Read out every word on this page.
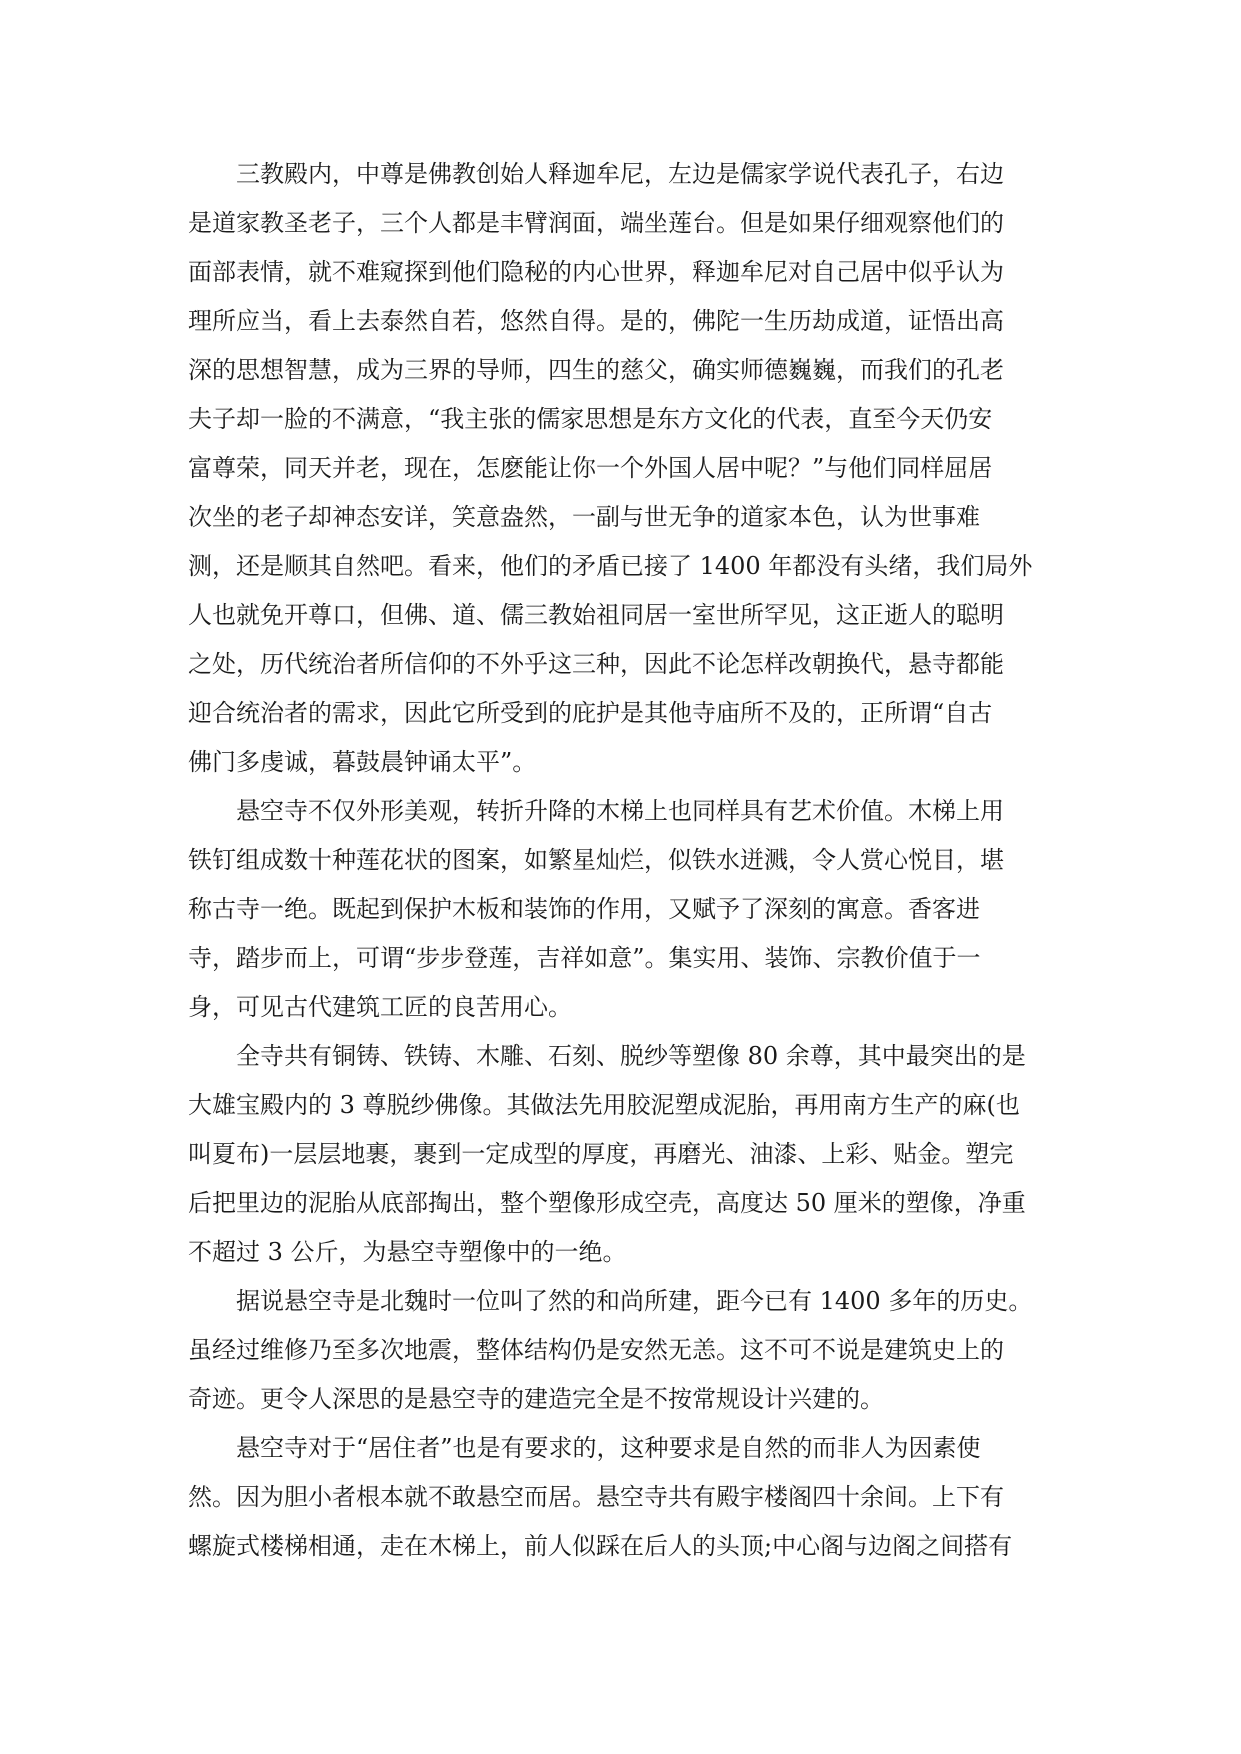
三教殿内，中尊是佛教创始人释迦牟尼，左边是儒家学说代表孔子，右边
是道家教圣老子，三个人都是丰臂润面，端坐莲台。但是如果仔细观察他们的
面部表情，就不难窥探到他们隐秘的内心世界，释迦牟尼对自己居中似乎认为
理所应当，看上去泰然自若，悠然自得。是的，佛陀一生历劫成道，证悟出高
深的思想智慧，成为三界的导师，四生的慈父，确实师德巍巍，而我们的孔老
夫子却一脸的不满意，“我主张的儒家思想是东方文化的代表，直至今天仍安
富尊荣，同天并老，现在，怎麽能让你一个外国人居中呢？”与他们同样屈居
次坐的老子却神态安详，笑意盎然，一副与世无争的道家本色，认为世事难
测，还是顺其自然吧。看来，他们的矛盾已接了 1400 年都没有头绪，我们局外
人也就免开尊口，但佛、道、儒三教始祖同居一室世所罕见，这正逝人的聪明
之处，历代统治者所信仰的不外乎这三种，因此不论怎样改朝换代，悬寺都能
迎合统治者的需求，因此它所受到的庇护是其他寺庙所不及的，正所谓“自古
佛门多虔诚，暮鼓晨钟诵太平”。

悬空寺不仅外形美观，转折升降的木梯上也同样具有艺术价值。木梯上用
铁钉组成数十种莲花状的图案，如繁星灿烂，似铁水迸溅，令人赏心悦目，堪
称古寺一绝。既起到保护木板和装饰的作用，又赋予了深刻的寓意。香客进
寺，踏步而上，可谓“步步登莲，吉祥如意”。集实用、装饰、宗教价值于一
身，可见古代建筑工匠的良苦用心。

全寺共有铜铸、铁铸、木雕、石刻、脱纱等塑像 80 余尊，其中最突出的是
大雄宝殿内的 3 尊脱纱佛像。其做法先用胶泥塑成泥胎，再用南方生产的麻(也
叫夏布)一层层地裹，裹到一定成型的厚度，再磨光、油漆、上彩、贴金。塑完
后把里边的泥胎从底部掏出，整个塑像形成空壳，高度达 50 厘米的塑像，净重
不超过 3 公斤，为悬空寺塑像中的一绝。

据说悬空寺是北魏时一位叫了然的和尚所建，距今已有 1400 多年的历史。
虽经过维修乃至多次地震，整体结构仍是安然无恙。这不可不说是建筑史上的
奇迹。更令人深思的是悬空寺的建造完全是不按常规设计兴建的。

悬空寺对于“居住者”也是有要求的，这种要求是自然的而非人为因素使
然。因为胆小者根本就不敢悬空而居。悬空寺共有殿宇楼阁四十余间。上下有
螺旋式楼梯相通，走在木梯上，前人似踩在后人的头顶;中心阁与边阁之间搭有
